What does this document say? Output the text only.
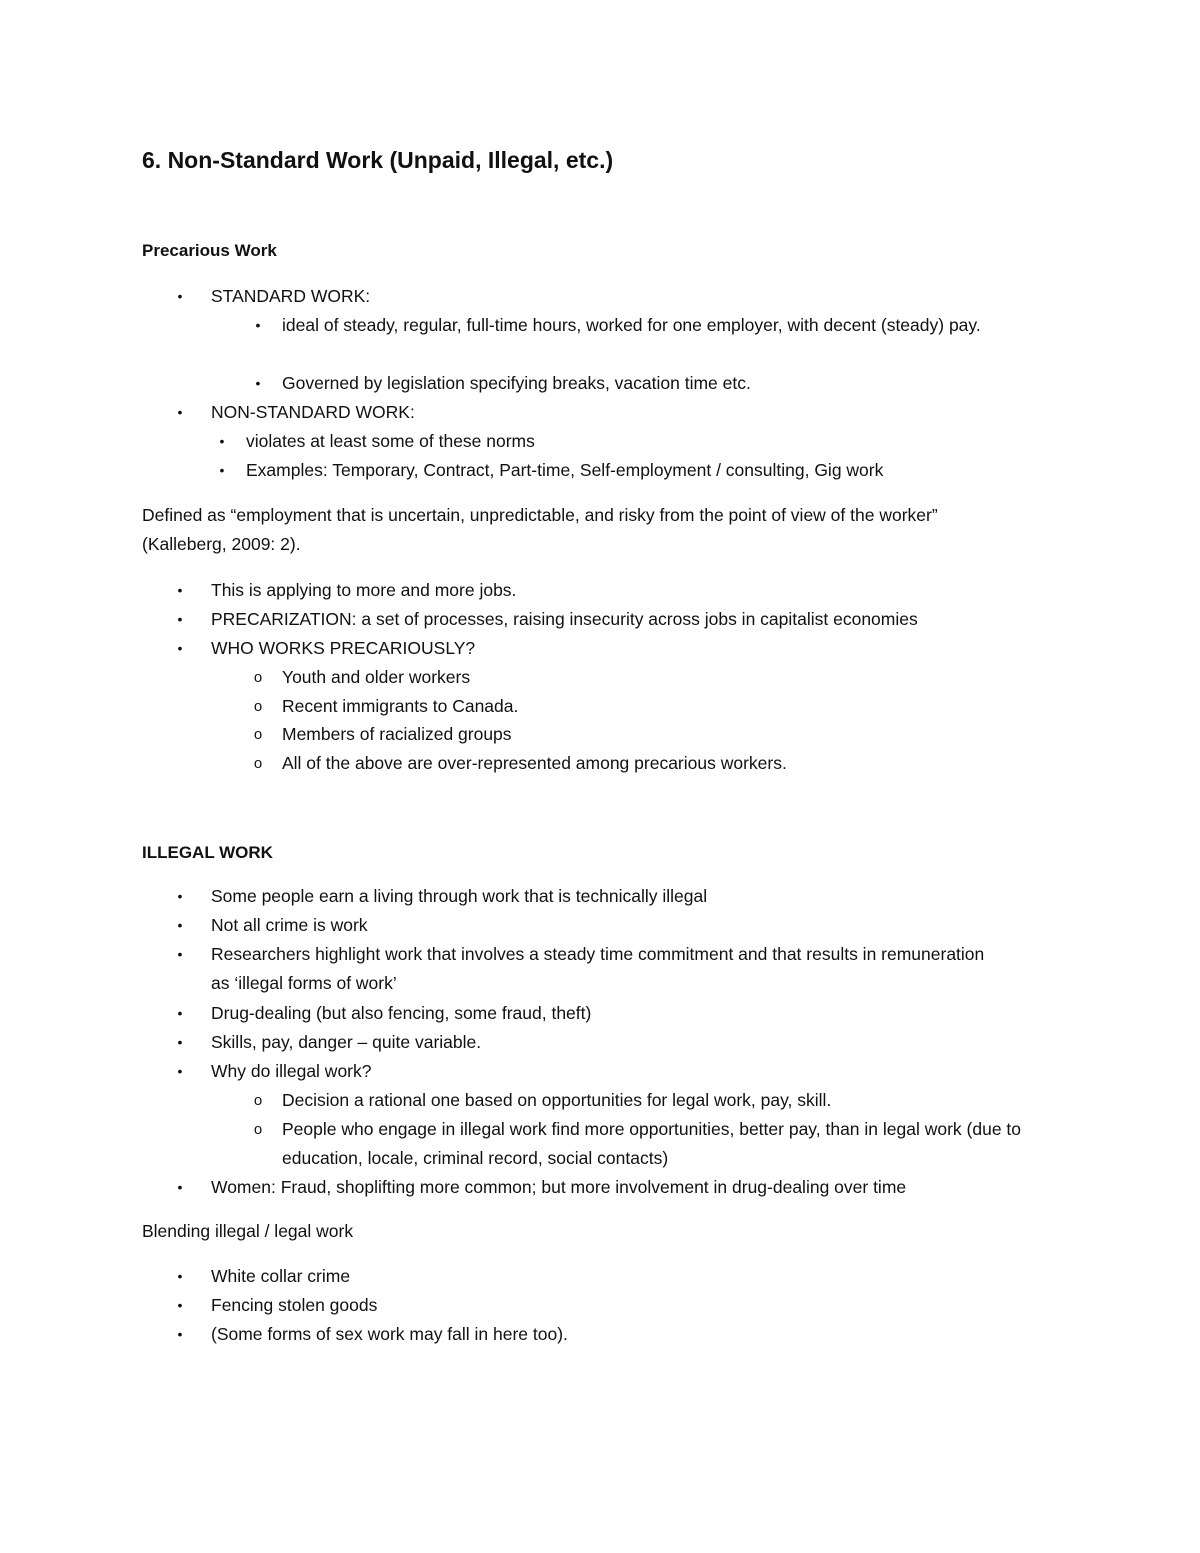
6. Non-Standard Work (Unpaid, Illegal, etc.)
Precarious Work
•	STANDARD WORK:
•	ideal of steady, regular, full-time hours, worked for one employer, with decent (steady) pay.
•	Governed by legislation specifying breaks, vacation time etc.
•	NON-STANDARD WORK:
•	violates at least some of these norms
•	Examples: Temporary, Contract, Part-time, Self-employment / consulting, Gig work

Defined as “employment that is uncertain, unpredictable, and risky from the point of view of the worker” (Kalleberg, 2009: 2).

•	This is applying to more and more jobs.
•	PRECARIZATION: a set of processes, raising insecurity across jobs in capitalist economies
•	WHO WORKS PRECARIOUSLY?
o	Youth and older workers
o	Recent immigrants to Canada.
o	Members of racialized groups
o	All of the above are over-represented among precarious workers.
ILLEGAL WORK
•	Some people earn a living through work that is technically illegal
•	Not all crime is work
•	Researchers highlight work that involves a steady time commitment and that results in remuneration as ‘illegal forms of work’
•	Drug-dealing (but also fencing, some fraud, theft)
•	Skills, pay, danger – quite variable.
•	Why do illegal work?
o	Decision a rational one based on opportunities for legal work, pay, skill.
o	People who engage in illegal work find more opportunities, better pay, than in legal work (due to education, locale, criminal record, social contacts)
•	Women: Fraud, shoplifting more common; but more involvement in drug-dealing over time

Blending illegal / legal work

•	White collar crime
•	Fencing stolen goods
•	(Some forms of sex work may fall in here too).
